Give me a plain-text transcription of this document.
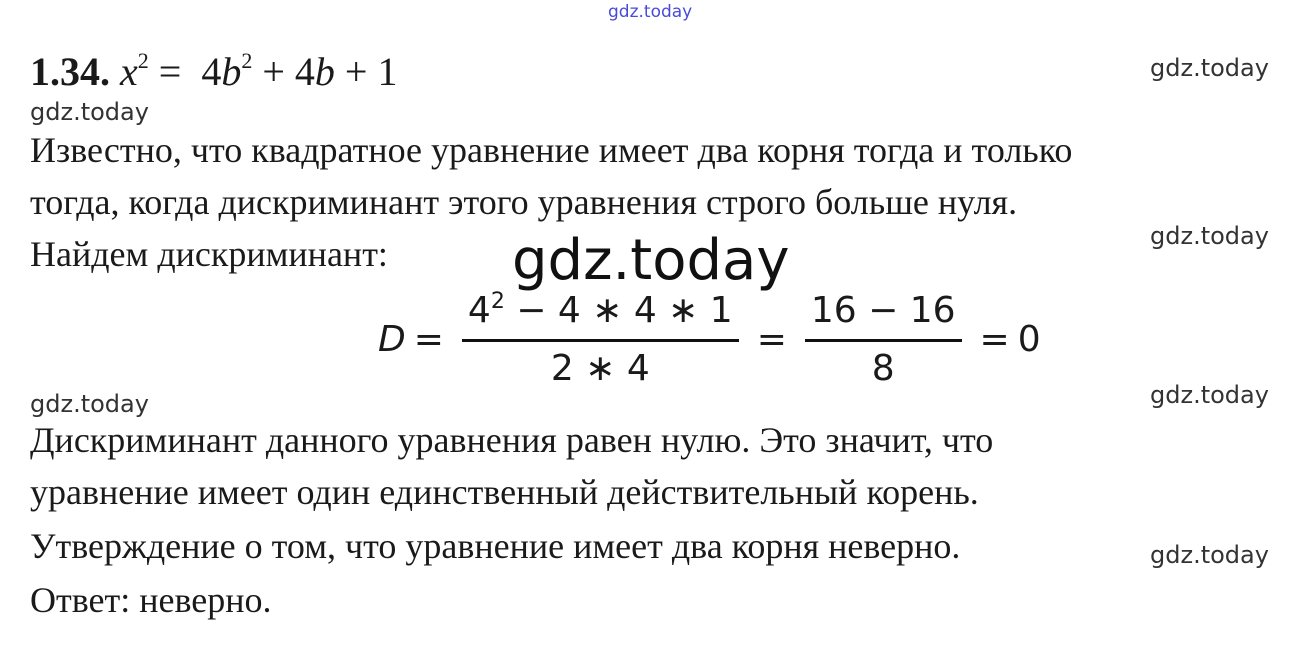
gdz.today
gdz.today
gdz.today
gdz.today
gdz.today
gdz.today	gdz.today
gdz.today
1.34. $x^2 = 4b^2 + 4b + 1$
Известно, что квадратное уравнение имеет два корня тогда и только
тогда, когда дискриминант этого уравнения строго больше нуля.
Найдем дискриминант:
$D = \frac{4^2 - 4 ∗ 4 ∗ 1}{2 ∗ 4} = \frac{16 - 16}{8} = 0$
Дискриминант данного уравнения равен нулю. Это значит, что
уравнение имеет один единственный действительный корень.
Утверждение о том, что уравнение имеет два корня неверно.
Ответ: неверно.
